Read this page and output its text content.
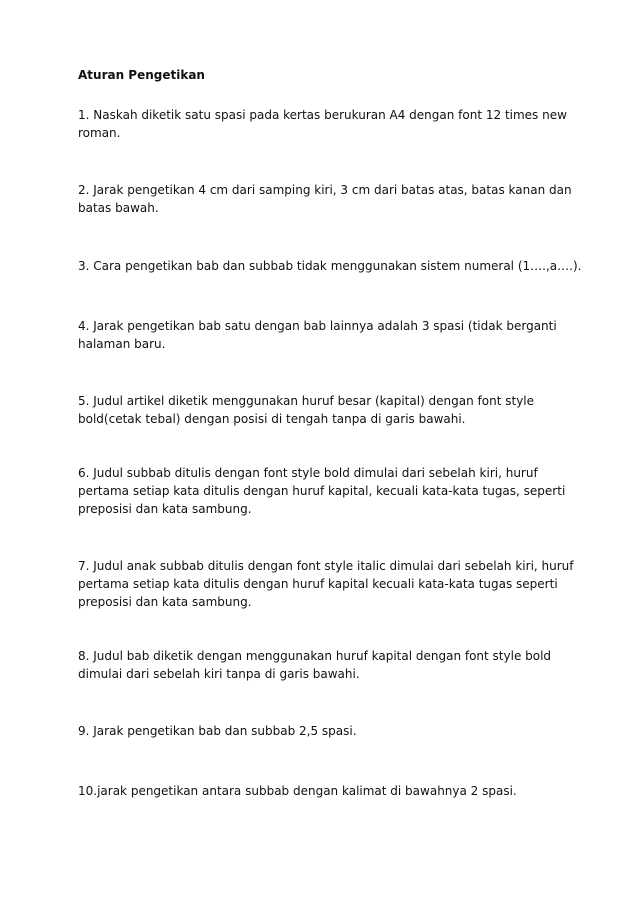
Aturan Pengetikan
1. Naskah diketik satu spasi pada kertas berukuran A4 dengan font 12 times new
roman.
2. Jarak pengetikan 4 cm dari samping kiri, 3 cm dari batas atas, batas kanan dan
batas bawah.
3. Cara pengetikan bab dan subbab tidak menggunakan sistem numeral (1….,a….).
4. Jarak pengetikan bab satu dengan bab lainnya adalah 3 spasi (tidak berganti
halaman baru.
5. Judul artikel diketik menggunakan huruf besar (kapital) dengan font style
bold(cetak tebal) dengan posisi di tengah tanpa di garis bawahi.
6. Judul subbab ditulis dengan font style bold dimulai dari sebelah kiri, huruf
pertama setiap kata ditulis dengan huruf kapital, kecuali kata-kata tugas, seperti
preposisi dan kata sambung.
7. Judul anak subbab ditulis dengan font style italic dimulai dari sebelah kiri, huruf
pertama setiap kata ditulis dengan huruf kapital kecuali kata-kata tugas seperti
preposisi dan kata sambung.
8. Judul bab diketik dengan menggunakan huruf kapital dengan font style bold
dimulai dari sebelah kiri tanpa di garis bawahi.
9. Jarak pengetikan bab dan subbab 2,5 spasi.
10.jarak pengetikan antara subbab dengan kalimat di bawahnya 2 spasi.
